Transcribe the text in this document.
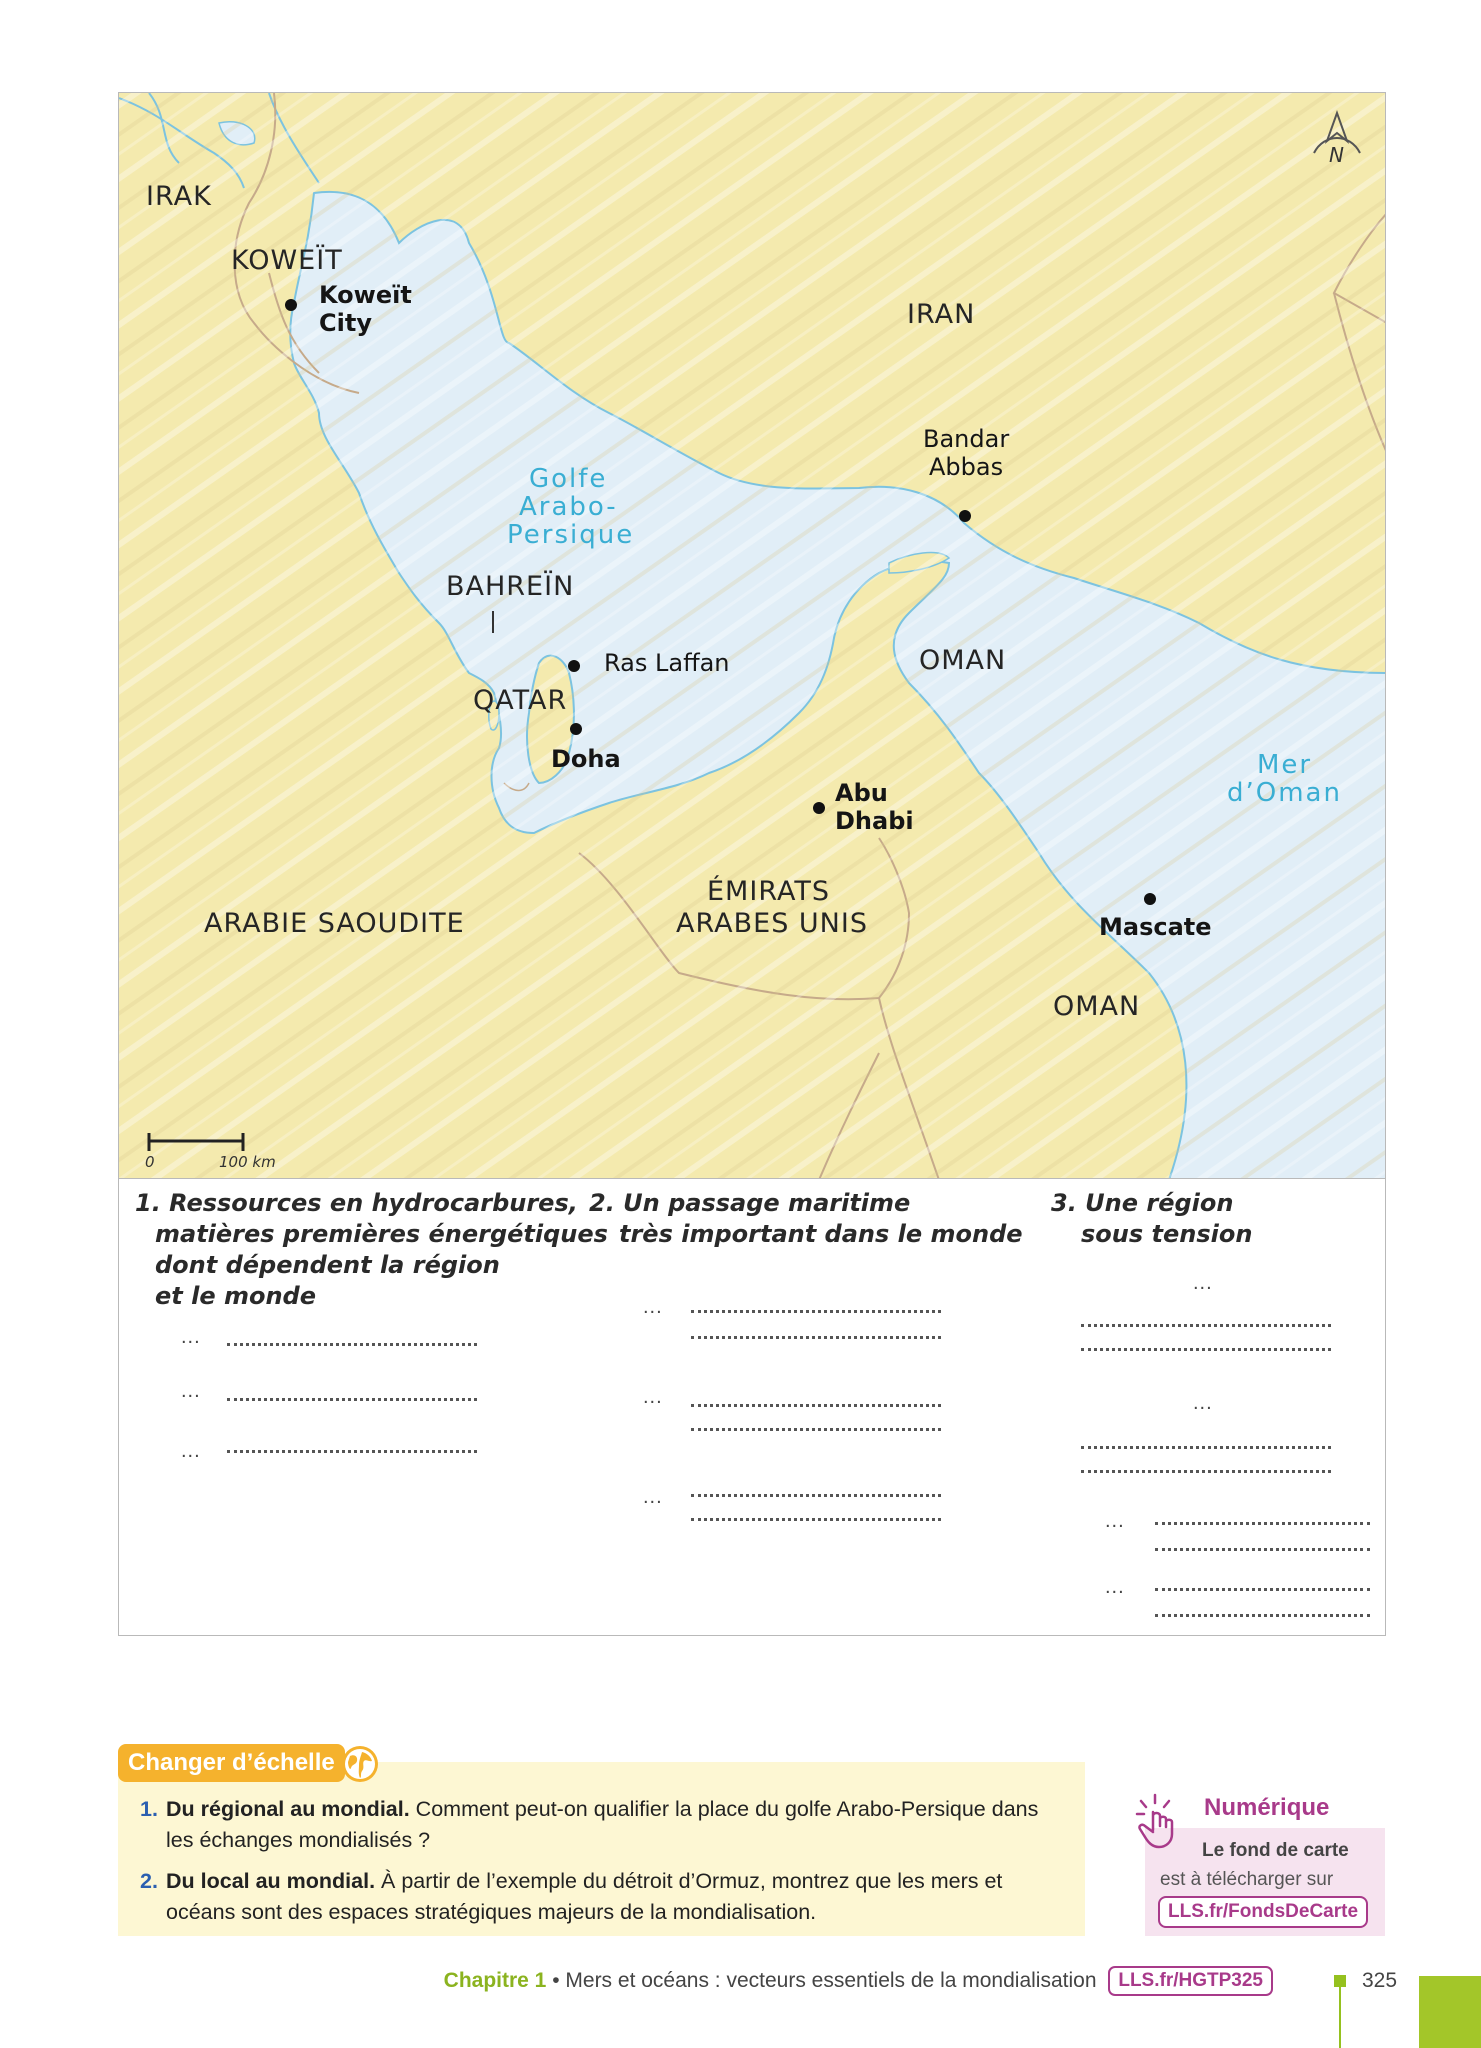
IRAK
KOWEÏT
IRAN
BAHREÏN
QATAR
OMAN
OMAN
ARABIE SAOUDITE
ÉMIRATS
ARABES UNIS
Koweït
City
Bandar
Abbas
Ras Laffan
Doha
Abu
Dhabi
Mascate
Golfe
Arabo-
Persique
Mer
d’Oman
N
0	100 km
1. Ressources en hydrocarbures,
matières premières énergétiques
dont dépendent la région
et le monde
...
...
...
2. Un passage maritime
très important dans le monde
...
...
...
3. Une région
sous tension
...
...
...
...
Changer d’échelle
1. Du régional au mondial. Comment peut-on qualifier la place du golfe Arabo-Persique dans les échanges mondialisés ?
2. Du local au mondial. À partir de l’exemple du détroit d’Ormuz, montrez que les mers et océans sont des espaces stratégiques majeurs de la mondialisation.
Numérique
Le fond de carte
est à télécharger sur
LLS.fr/FondsDeCarte
Chapitre 1 • Mers et océans : vecteurs essentiels de la mondialisation LLS.fr/HGTP325	325
